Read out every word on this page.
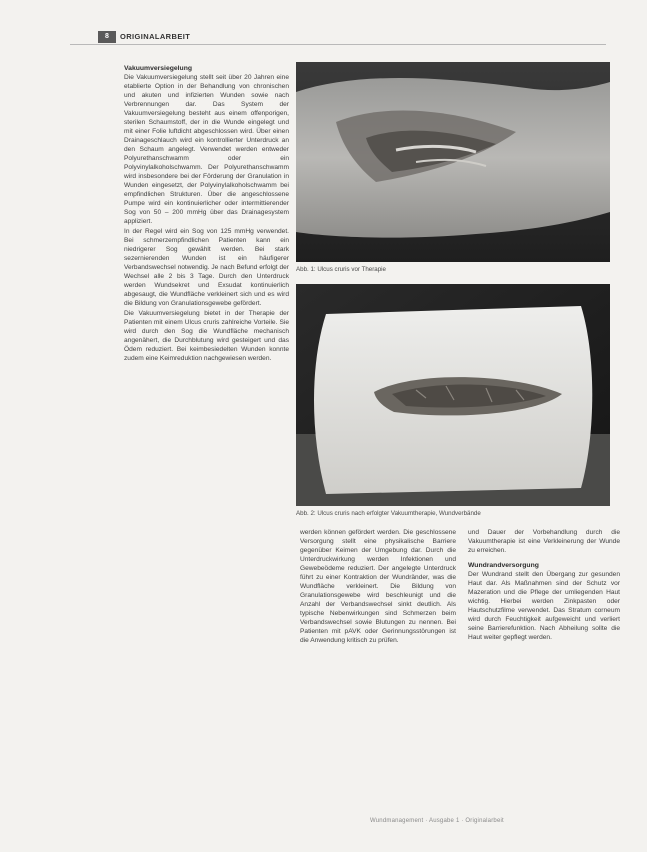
8	ORIGINALARBEIT
Vakuumversiegelung

Die Vakuumversiegelung stellt seit über 20 Jahren eine etablierte Option in der Behandlung von chronischen und akuten und infizierten Wunden sowie nach Verbrennungen dar. Das System der Vakuumversiegelung besteht aus einem offenporigen, sterilen Schaumstoff, der in die Wunde eingelegt und mit einer Folie luftdicht abgeschlossen wird. Über einen Drainageschlauch wird ein kontrollierter Unterdruck an den Schaum angelegt. Verwendet werden entweder Polyurethanschwamm oder ein Polyvinylalkoholschwamm. Der Polyurethanschwamm wird insbesondere bei der Förderung der Granulation in Wunden eingesetzt, der Polyvinylalkoholschwamm bei empfindlichen Strukturen. Über die angeschlossene Pumpe wird ein kontinuierlicher oder intermittierender Sog von 50 – 200 mmHg über das Drainagesystem appliziert.

In der Regel wird ein Sog von 125 mmHg verwendet. Bei schmerzempfindlichen Patienten kann ein niedrigerer Sog gewählt werden. Bei stark sezernierenden Wunden ist ein häufigerer Verbandswechsel notwendig. Je nach Befund erfolgt der Wechsel alle 2 bis 3 Tage. Durch den Unterdruck werden Wundsekret und Exsudat kontinuierlich abgesaugt, die Wundfläche verkleinert sich und es wird die Bildung von Granulationsgewebe gefördert.

Die Vakuumversiegelung bietet in der Therapie der Patienten mit einem Ulcus cruris zahlreiche Vorteile. Sie wird durch den Sog die Wundfläche mechanisch angenähert, die Durchblutung wird gesteigert und das Ödem reduziert. Bei keimbesiedelten Wunden konnte zudem eine Keimreduktion nachgewiesen werden.

Abb. 1: Ulcus cruris vor Therapie
Abb. 2: Ulcus cruris nach erfolgter Vakuumtherapie, Wundverbände

werden können gefördert werden. Die geschlossene Versorgung stellt eine physikalische Barriere gegenüber Keimen der Umgebung dar. Durch die Unterdruckwirkung werden Infektionen und Gewebeödeme reduziert. Der angelegte Unterdruck führt zu einer Kontraktion der Wundränder, was die Wundfläche verkleinert. Die Bildung von Granulationsgewebe wird beschleunigt und die Anzahl der Verbandswechsel sinkt deutlich. Als typische Nebenwirkungen sind Schmerzen beim Verbandswechsel sowie Blutungen zu nennen. Bei Patienten mit pAVK oder Gerinnungsstörungen ist die Anwendung kritisch zu prüfen.

und Dauer der Vorbehandlung durch die Vakuumtherapie ist eine Verkleinerung der Wunde zu erreichen.

Wundrandversorgung

Der Wundrand stellt den Übergang zur gesunden Haut dar. Als Maßnahmen sind der Schutz vor Mazeration und die Pflege der umliegenden Haut wichtig. Hierbei werden Zinkpasten oder Hautschutzfilme verwendet. Das Stratum corneum wird durch Feuchtigkeit aufgeweicht und verliert seine Barrierefunktion. Nach Abheilung sollte die Haut weiter gepflegt werden.

Wundmanagement · Ausgabe 1 · Originalarbeit
